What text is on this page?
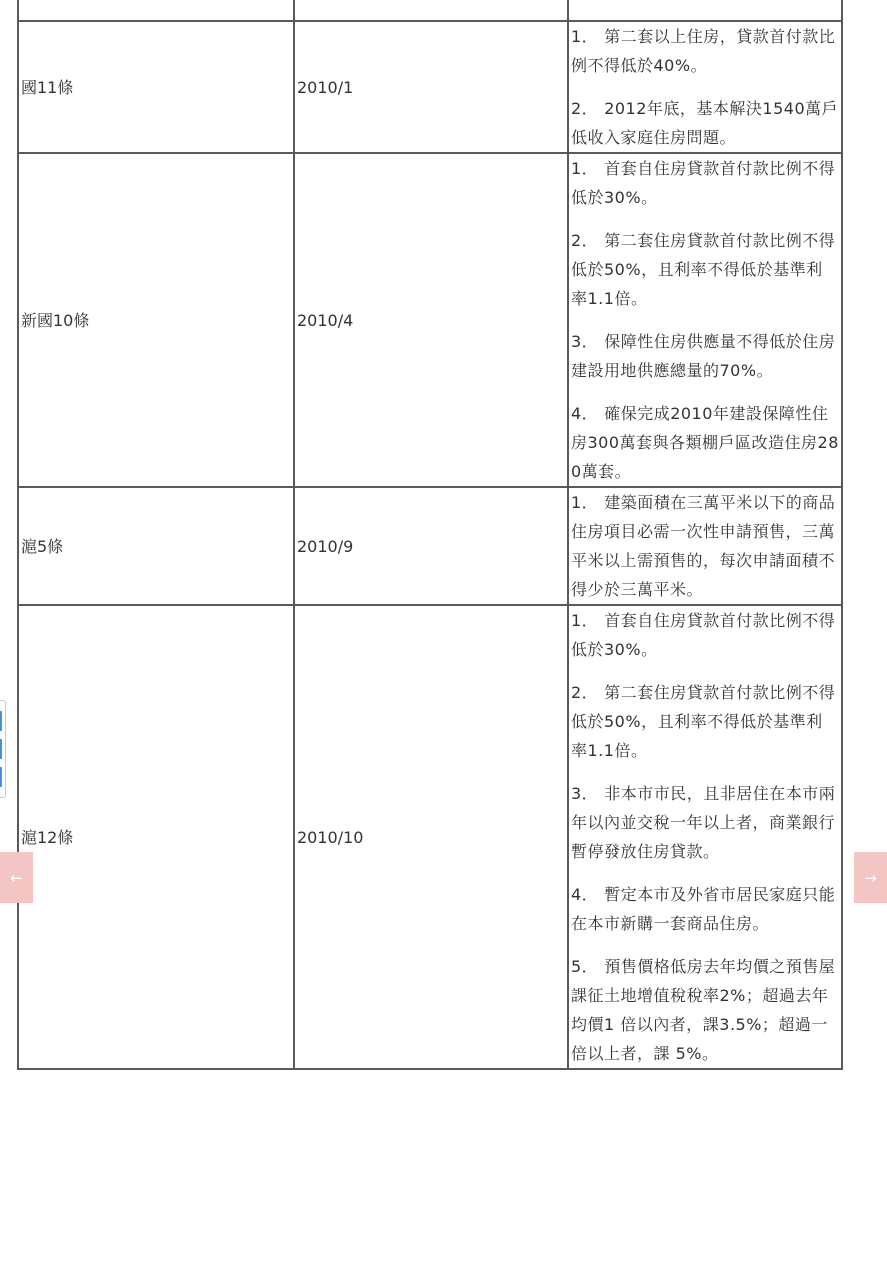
國11條	2010/1	1． 第二套以上住房，貸款首付款比例不得低於40%。
2． 2012年底，基本解決1540萬戶低收入家庭住房問題。

新國10條	2010/4	1． 首套自住房貸款首付款比例不得低於30%。
2． 第二套住房貸款首付款比例不得低於50%，且利率不得低於基準利率1.1倍。
3． 保障性住房供應量不得低於住房建設用地供應總量的70%。
4． 確保完成2010年建設保障性住房300萬套與各類棚戶區改造住房280萬套。

滬5條	2010/9	1． 建築面積在三萬平米以下的商品住房項目必需一次性申請預售，三萬平米以上需預售的，每次申請面積不得少於三萬平米。

滬12條	2010/10	1． 首套自住房貸款首付款比例不得低於30%。
2． 第二套住房貸款首付款比例不得低於50%，且利率不得低於基準利率1.1倍。
3． 非本市市民，且非居住在本市兩年以內並交稅一年以上者，商業銀行暫停發放住房貸款。
4． 暫定本市及外省市居民家庭只能在本市新購一套商品住房。
5． 預售價格低房去年均價之預售屋課征土地增值稅稅率2%；超過去年均價1 倍以內者，課3.5%；超過一倍以上者，課 5%。
←	→
